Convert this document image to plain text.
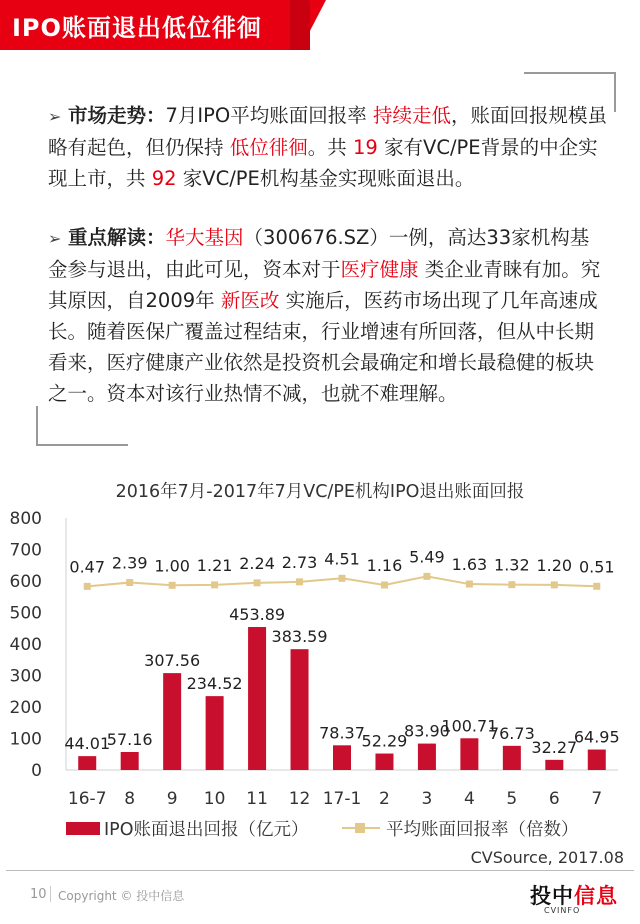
IPO账面退出低位徘徊
➢ 市场走势：7月IPO平均账面回报率 持续走低，账面回报规模虽略有起色，但仍保持 低位徘徊。共 19 家有VC/PE背景的中企实现上市，共 92 家VC/PE机构基金实现账面退出。
➢ 重点解读：华大基因（300676.SZ）一例，高达33家机构基金参与退出，由此可见，资本对于医疗健康 类企业青睐有加。究其原因，自2009年 新医改 实施后，医药市场出现了几年高速成长。随着医保广覆盖过程结束，行业增速有所回落，但从中长期看来，医疗健康产业依然是投资机会最确定和增长最稳健的板块之一。资本对该行业热情不减，也就不难理解。
2016年7月-2017年7月VC/PE机构IPO退出账面回报
0
100
200
300
400
500
600
700
800
16-7 8 9 10 11 12 17-1 2 3 4 5 6 7
44.01
57.16
307.56
234.52
453.89
383.59
78.37
52.29
83.90
100.71
76.73
32.27
64.95
0.47 2.39 1.00 1.21 2.24 2.73 4.51 1.16 5.49 1.63 1.32 1.20 0.51
IPO账面退出回报（亿元）	平均账面回报率（倍数）
CVSource, 2017.08
10 Copyright © 投中信息	投中信息
CVINFO
